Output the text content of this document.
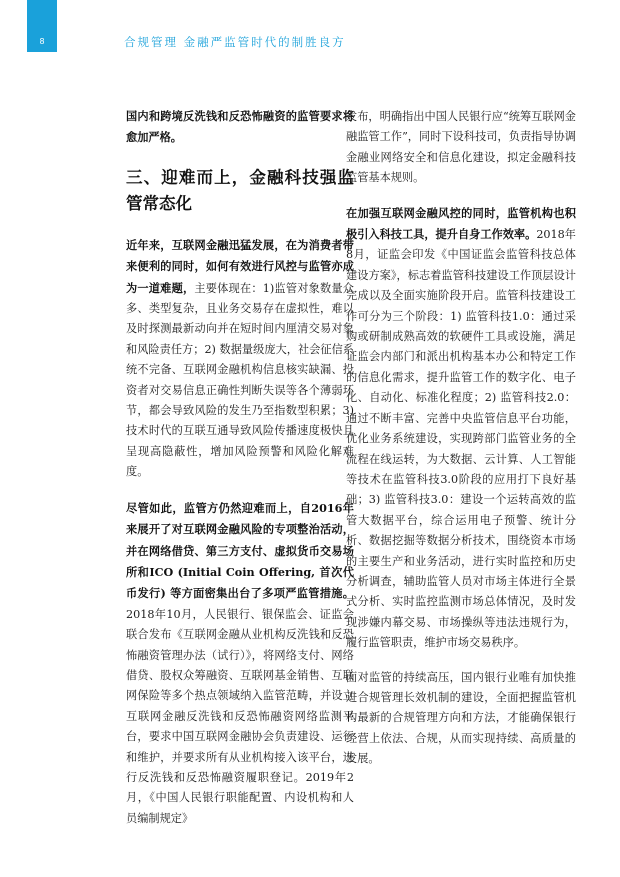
8	合规管理 金融严监管时代的制胜良方

国内和跨境反洗钱和反恐怖融资的监管要求将愈加严格。

三、迎难而上，金融科技强监管常态化

近年来，互联网金融迅猛发展，在为消费者带来便利的同时，如何有效进行风控与监管亦成为一道难题，主要体现在：1)监管对象数量众多、类型复杂，且业务交易存在虚拟性，难以及时探测最新动向并在短时间内厘清交易对象和风险责任方；2) 数据量级庞大，社会征信系统不完备、互联网金融机构信息核实缺漏、投资者对交易信息正确性判断失误等各个薄弱环节，都会导致风险的发生乃至指数型积累；3) 技术时代的互联互通导致风险传播速度极快且呈现高隐蔽性，增加风险预警和风险化解难度。

尽管如此，监管方仍然迎难而上，自2016年来展开了对互联网金融风险的专项整治活动，并在网络借贷、第三方支付、虚拟货币交易场所和ICO (Initial Coin Offering, 首次代币发行) 等方面密集出台了多项严监管措施。2018年10月，人民银行、银保监会、证监会联合发布《互联网金融从业机构反洗钱和反恐怖融资管理办法（试行）》，将网络支付、网络借贷、股权众筹融资、互联网基金销售、互联网保险等多个热点领域纳入监管范畴，并设立互联网金融反洗钱和反恐怖融资网络监测平台，要求中国互联网金融协会负责建设、运行和维护，并要求所有从业机构接入该平台，进行反洗钱和反恐怖融资履职登记。2019年2月，《中国人民银行职能配置、内设机构和人员编制规定》

发布，明确指出中国人民银行应“统筹互联网金融监管工作”，同时下设科技司，负责指导协调金融业网络安全和信息化建设，拟定金融科技监管基本规则。

在加强互联网金融风控的同时，监管机构也积极引入科技工具，提升自身工作效率。2018年8月，证监会印发《中国证监会监管科技总体建设方案》，标志着监管科技建设工作顶层设计完成以及全面实施阶段开启。监管科技建设工作可分为三个阶段：1) 监管科技1.0：通过采购或研制成熟高效的软硬件工具或设施，满足证监会内部门和派出机构基本办公和特定工作的信息化需求，提升监管工作的数字化、电子化、自动化、标准化程度；2) 监管科技2.0：通过不断丰富、完善中央监管信息平台功能，优化业务系统建设，实现跨部门监管业务的全流程在线运转，为大数据、云计算、人工智能等技术在监管科技3.0阶段的应用打下良好基础；3) 监管科技3.0：建设一个运转高效的监管大数据平台，综合运用电子预警、统计分析、数据挖掘等数据分析技术，围绕资本市场的主要生产和业务活动，进行实时监控和历史分析调查，辅助监管人员对市场主体进行全景式分析、实时监控监测市场总体情况，及时发现涉嫌内幕交易、市场操纵等违法违规行为，履行监管职责，维护市场交易秩序。

面对监管的持续高压，国内银行业唯有加快推进合规管理长效机制的建设，全面把握监管机构最新的合规管理方向和方法，才能确保银行经营上依法、合规，从而实现持续、高质量的发展。
